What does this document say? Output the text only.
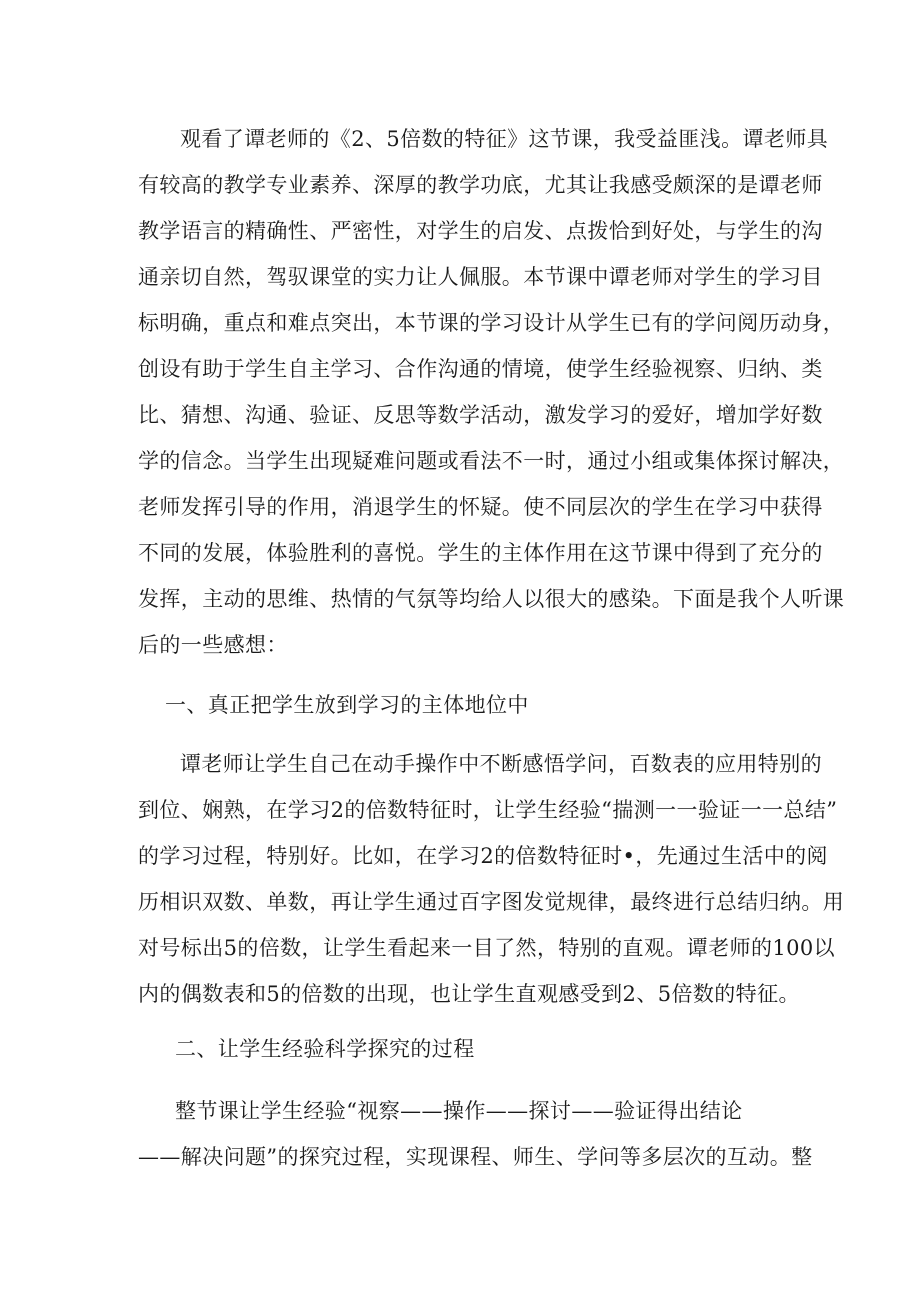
观看了谭老师的《2、5倍数的特征》这节课，我受益匪浅。谭老师具
有较高的教学专业素养、深厚的教学功底，尤其让我感受颇深的是谭老师
教学语言的精确性、严密性，对学生的启发、点拨恰到好处，与学生的沟
通亲切自然，驾驭课堂的实力让人佩服。本节课中谭老师对学生的学习目
标明确，重点和难点突出，本节课的学习设计从学生已有的学问阅历动身，
创设有助于学生自主学习、合作沟通的情境，使学生经验视察、归纳、类
比、猜想、沟通、验证、反思等数学活动，激发学习的爱好，增加学好数
学的信念。当学生出现疑难问题或看法不一时，通过小组或集体探讨解决，
老师发挥引导的作用，消退学生的怀疑。使不同层次的学生在学习中获得
不同的发展，体验胜利的喜悦。学生的主体作用在这节课中得到了充分的
发挥，主动的思维、热情的气氛等均给人以很大的感染。下面是我个人听课
后的一些感想：
一、真正把学生放到学习的主体地位中
谭老师让学生自己在动手操作中不断感悟学问，百数表的应用特别的
到位、娴熟，在学习2的倍数特征时，让学生经验“揣测一一验证一一总结”
的学习过程，特别好。比如，在学习2的倍数特征时•，先通过生活中的阅
历相识双数、单数，再让学生通过百字图发觉规律，最终进行总结归纳。用
对号标出5的倍数，让学生看起来一目了然，特别的直观。谭老师的100以
内的偶数表和5的倍数的出现，也让学生直观感受到2、5倍数的特征。
二、让学生经验科学探究的过程
整节课让学生经验“视察——操作——探讨——验证得出结论
——解决问题”的探究过程，实现课程、师生、学问等多层次的互动。整
